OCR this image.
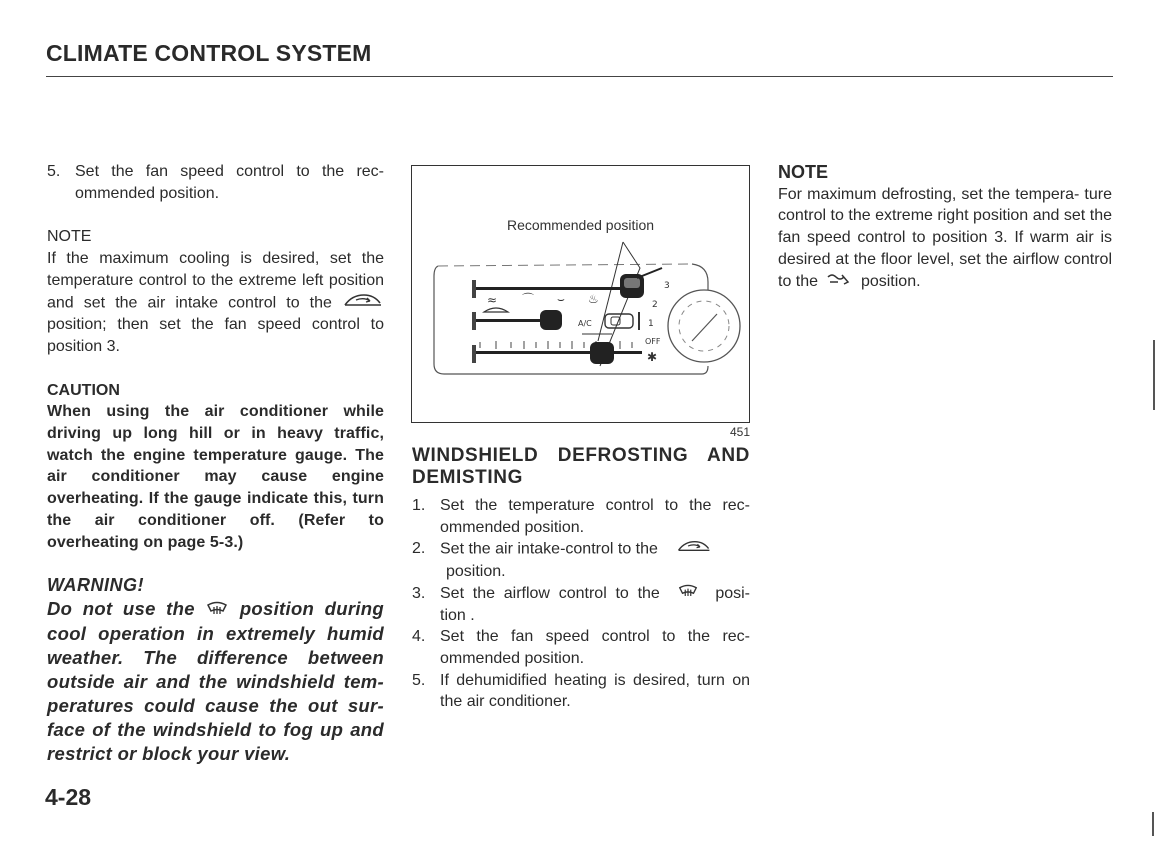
CLIMATE CONTROL SYSTEM
5. Set the fan speed control to the rec- ommended position.
NOTE
If the maximum cooling is desired, set the temperature control to the extreme left position and set the air intake control to the  position; then set the fan speed control to position 3.
CAUTION
When using the air conditioner while driving up long hill or in heavy traffic, watch the engine temperature gauge. The air conditioner may cause engine overheating. If the gauge indicate this, turn the air conditioner off. (Refer to overheating on page 5-3.)
WARNING!
Do not use the position during cool operation in extremely humid weather. The difference between outside air and the windshield tem- peratures could cause the out sur- face of the windshield to fog up and restrict or block your view.
Recommended position
≈ ⌒ ⌣ ♨
3
2
1
A/C
OFF
✱
451
WINDSHIELD DEFROSTING AND DEMISTING
1. Set the temperature control to the rec- ommended position.
2. Set the air intake-control to the
position.
3. Set the airflow control to the	posi- tion .
4. Set the fan speed control to the rec- ommended position.
5. If dehumidified heating is desired, turn on the air conditioner.
NOTE
For maximum defrosting, set the tempera- ture control to the extreme right position and set the fan speed control to position 3. If warm air is desired at the floor level, set the airflow control to the	position.
4-28
